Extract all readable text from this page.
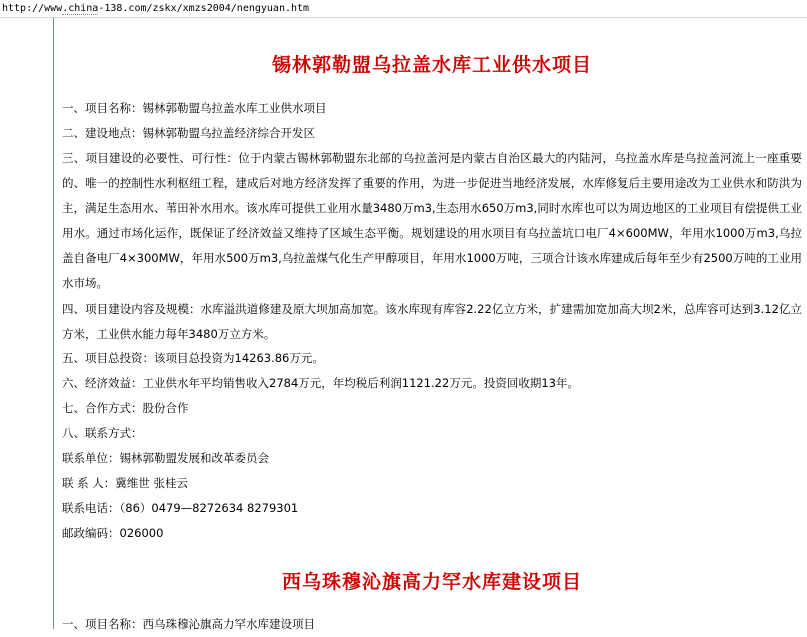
http://www.china-138.com/zskx/xmzs2004/nengyuan.htm
锡林郭勒盟乌拉盖水库工业供水项目
一、项目名称：锡林郭勒盟乌拉盖水库工业供水项目
二、建设地点：锡林郭勒盟乌拉盖经济综合开发区
三、项目建设的必要性、可行性：位于内蒙古锡林郭勒盟东北部的乌拉盖河是内蒙古自治区最大的内陆河，乌拉盖水库是乌拉盖河流上一座重要的、唯一的控制性水利枢纽工程，建成后对地方经济发挥了重要的作用，为进一步促进当地经济发展，水库修复后主要用途改为工业供水和防洪为主，满足生态用水、苇田补水用水。该水库可提供工业用水量3480万m3,生态用水650万m3,同时水库也可以为周边地区的工业项目有偿提供工业用水。通过市场化运作，既保证了经济效益又维持了区域生态平衡。规划建设的用水项目有乌拉盖坑口电厂4×600MW，年用水1000万m3,乌拉盖自备电厂4×300MW，年用水500万m3,乌拉盖煤气化生产甲醇项目，年用水1000万吨，三项合计该水库建成后每年至少有2500万吨的工业用水市场。
四、项目建设内容及规模：水库溢洪道修建及原大坝加高加宽。该水库现有库容2.22亿立方米，扩建需加宽加高大坝2米，总库容可达到3.12亿立方米，工业供水能力每年3480万立方米。
五、项目总投资：该项目总投资为14263.86万元。
六、经济效益：工业供水年平均销售收入2784万元，年均税后利润1121.22万元。投资回收期13年。
七、合作方式：股份合作
八、联系方式：
联系单位：锡林郭勒盟发展和改革委员会
联 系 人：冀维世 张桂云
联系电话：（86）0479—8272634 8279301
邮政编码：026000
西乌珠穆沁旗高力罕水库建设项目
一、项目名称：西乌珠穆沁旗高力罕水库建设项目
